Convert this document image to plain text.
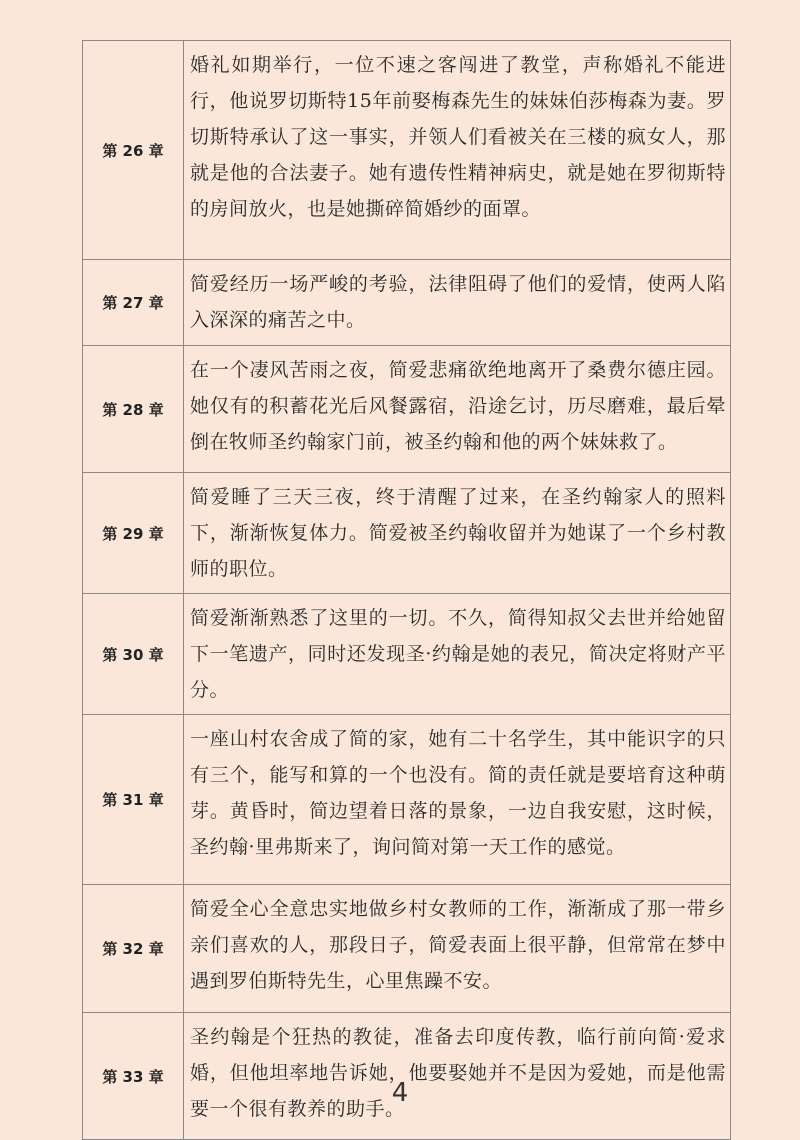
第 26 章	婚礼如期举行，一位不速之客闯进了教堂，声称婚礼不能进行，他说罗切斯特15年前娶梅森先生的妹妹伯莎梅森为妻。罗切斯特承认了这一事实，并领人们看被关在三楼的疯女人，那就是他的合法妻子。她有遗传性精神病史，就是她在罗彻斯特的房间放火，也是她撕碎简婚纱的面罩。
第 27 章	简爱经历一场严峻的考验，法律阻碍了他们的爱情，使两人陷入深深的痛苦之中。
第 28 章	在一个凄风苦雨之夜，简爱悲痛欲绝地离开了桑费尔德庄园。她仅有的积蓄花光后风餐露宿，沿途乞讨，历尽磨难，最后晕倒在牧师圣约翰家门前，被圣约翰和他的两个妹妹救了。
第 29 章	简爱睡了三天三夜，终于清醒了过来，在圣约翰家人的照料下，渐渐恢复体力。简爱被圣约翰收留并为她谋了一个乡村教师的职位。
第 30 章	简爱渐渐熟悉了这里的一切。不久，简得知叔父去世并给她留下一笔遗产，同时还发现圣·约翰是她的表兄，简决定将财产平分。
第 31 章	一座山村农舍成了简的家，她有二十名学生，其中能识字的只有三个，能写和算的一个也没有。简的责任就是要培育这种萌芽。黄昏时，简边望着日落的景象，一边自我安慰，这时候，圣约翰·里弗斯来了，询问简对第一天工作的感觉。
第 32 章	简爱全心全意忠实地做乡村女教师的工作，渐渐成了那一带乡亲们喜欢的人，那段日子，简爱表面上很平静，但常常在梦中遇到罗伯斯特先生，心里焦躁不安。
第 33 章	圣约翰是个狂热的教徒，准备去印度传教，临行前向简·爱求婚，但他坦率地告诉她，他要娶她并不是因为爱她，而是他需要一个很有教养的助手。
4
